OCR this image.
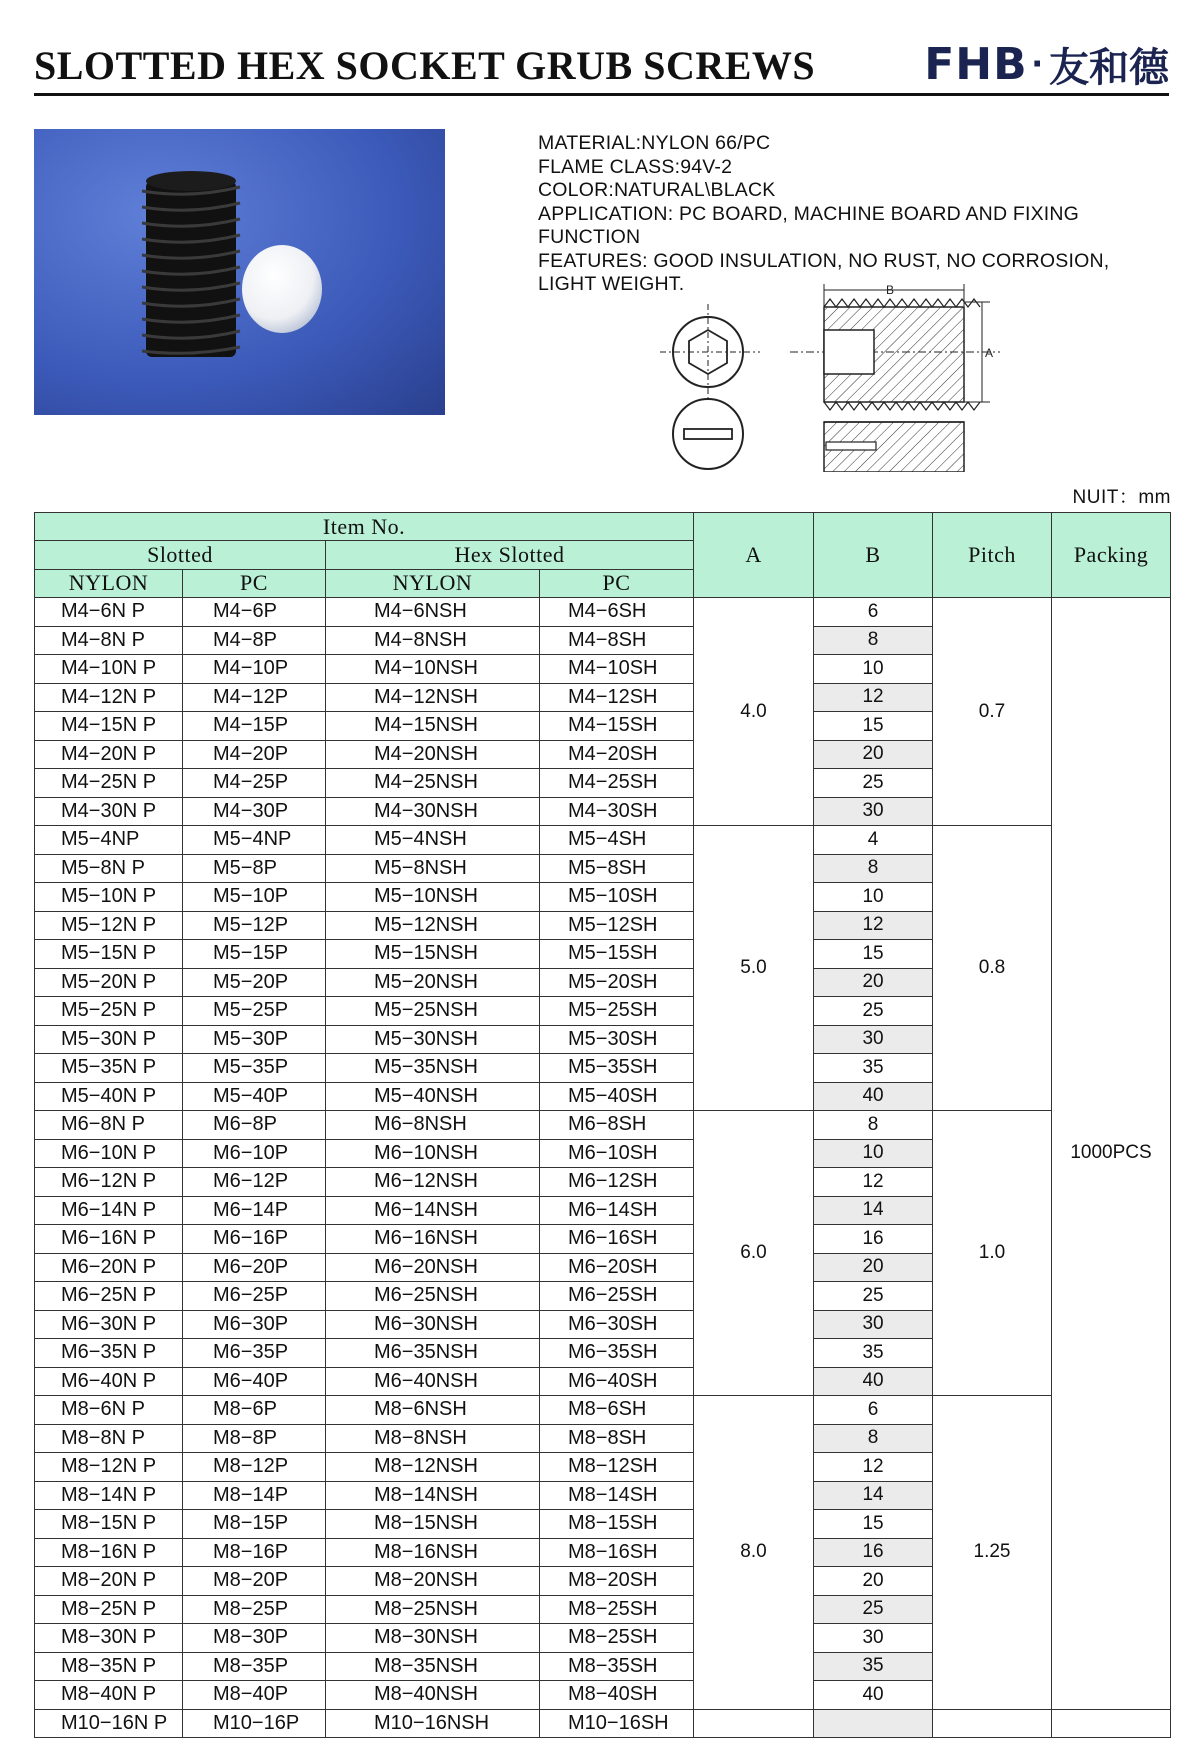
SLOTTED HEX SOCKET GRUB SCREWS FHB · 友和德
MATERIAL:NYLON 66/PC
FLAME CLASS:94V-2
COLOR:NATURAL\BLACK
APPLICATION: PC BOARD, MACHINE BOARD AND FIXING
FUNCTION
FEATURES: GOOD INSULATION, NO RUST, NO CORROSION,
LIGHT WEIGHT.	B
A
NUIT：mm
Item No.				A	B	Pitch	Packing
Slotted		Hex Slotted					
NYLON	PC	NYLON	PC				
M4−6N P	M4−6P	M4−6NSH	M4−6SH	4.0	6	0.7	1000PCS
M4−8N P	M4−8P	M4−8NSH	M4−8SH		8		
M4−10N P	M4−10P	M4−10NSH	M4−10SH		10		
M4−12N P	M4−12P	M4−12NSH	M4−12SH		12		
M4−15N P	M4−15P	M4−15NSH	M4−15SH		15		
M4−20N P	M4−20P	M4−20NSH	M4−20SH		20		
M4−25N P	M4−25P	M4−25NSH	M4−25SH		25		
M4−30N P	M4−30P	M4−30NSH	M4−30SH		30		
M5−4NP	M5−4NP	M5−4NSH	M5−4SH	5.0	4	0.8	
M5−8N P	M5−8P	M5−8NSH	M5−8SH		8		
M5−10N P	M5−10P	M5−10NSH	M5−10SH		10		
M5−12N P	M5−12P	M5−12NSH	M5−12SH		12		
M5−15N P	M5−15P	M5−15NSH	M5−15SH		15		
M5−20N P	M5−20P	M5−20NSH	M5−20SH		20		
M5−25N P	M5−25P	M5−25NSH	M5−25SH		25		
M5−30N P	M5−30P	M5−30NSH	M5−30SH		30		
M5−35N P	M5−35P	M5−35NSH	M5−35SH		35		
M5−40N P	M5−40P	M5−40NSH	M5−40SH		40		
M6−8N P	M6−8P	M6−8NSH	M6−8SH	6.0	8	1.0	
M6−10N P	M6−10P	M6−10NSH	M6−10SH		10		
M6−12N P	M6−12P	M6−12NSH	M6−12SH		12		
M6−14N P	M6−14P	M6−14NSH	M6−14SH		14		
M6−16N P	M6−16P	M6−16NSH	M6−16SH		16		
M6−20N P	M6−20P	M6−20NSH	M6−20SH		20		
M6−25N P	M6−25P	M6−25NSH	M6−25SH		25		
M6−30N P	M6−30P	M6−30NSH	M6−30SH		30		
M6−35N P	M6−35P	M6−35NSH	M6−35SH		35		
M6−40N P	M6−40P	M6−40NSH	M6−40SH		40		
M8−6N P	M8−6P	M8−6NSH	M8−6SH	8.0	6	1.25	
M8−8N P	M8−8P	M8−8NSH	M8−8SH		8		
M8−12N P	M8−12P	M8−12NSH	M8−12SH		12		
M8−14N P	M8−14P	M8−14NSH	M8−14SH		14		
M8−15N P	M8−15P	M8−15NSH	M8−15SH		15		
M8−16N P	M8−16P	M8−16NSH	M8−16SH		16		
M8−20N P	M8−20P	M8−20NSH	M8−20SH		20		
M8−25N P	M8−25P	M8−25NSH	M8−25SH		25		
M8−30N P	M8−30P	M8−30NSH	M8−25SH		30		
M8−35N P	M8−35P	M8−35NSH	M8−35SH		35		
M8−40N P	M8−40P	M8−40NSH	M8−40SH		40		
M10−16N P	M10−16P	M10−16NSH	M10−16SH				
